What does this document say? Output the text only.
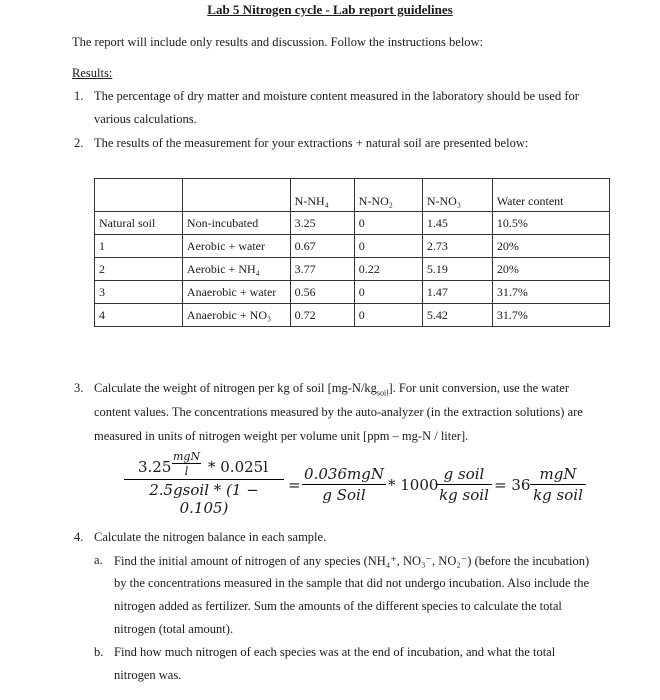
Lab 5 Nitrogen cycle - Lab report guidelines
The report will include only results and discussion. Follow the instructions below:
Results:
1. The percentage of dry matter and moisture content measured in the laboratory should be used for
various calculations.
2. The results of the measurement for your extractions + natural soil are presented below:
		N-NH₄	N-NO₂	N-NO₃	Water content
Natural soil	Non-incubated	3.25	0	1.45	10.5%
1	Aerobic + water	0.67	0	2.73	20%
2	Aerobic + NH₄	3.77	0.22	5.19	20%
3	Anaerobic + water	0.56	0	1.47	31.7%
4	Anaerobic + NO₃	0.72	0	5.42	31.7%
3. Calculate the weight of nitrogen per kg of soil $[mg-N/kg_{soil}]$. For unit conversion, use the water
content values. The concentrations measured by the auto-analyzer (in the extraction solutions) are
measured in units of nitrogen weight per volume unit [ppm – mg-N / liter].
3.25
mgN
l	* 0.025l
2.5gsoil * (1 − 0.105)
=
0.036mgN
g Soil
* 1000
g soil
kg soil
= 36
mgN
kg soil
4. Calculate the nitrogen balance in each sample.
a. Find the initial amount of nitrogen of any species (NH₄⁺, NO₃⁻, NO₂⁻) (before the incubation)
by the concentrations measured in the sample that did not undergo incubation. Also include the
nitrogen added as fertilizer. Sum the amounts of the different species to calculate the total
nitrogen (total amount).
b. Find how much nitrogen of each species was at the end of incubation, and what the total
nitrogen was.
